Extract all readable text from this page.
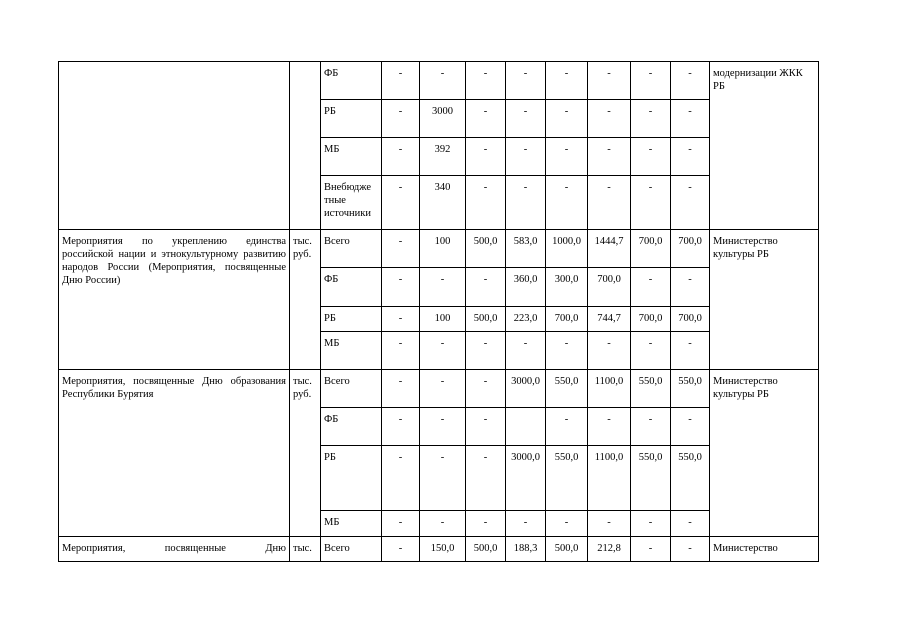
		ФБ	-	-	-	-	-	-	-	-	модернизации ЖКК РБ
		РБ	-	3000	-	-	-	-	-	-	
		МБ	-	392	-	-	-	-	-	-	
		Внебюдже тные источники	-	340	-	-	-	-	-	-	
Мероприятия по укреплению единства российской нации и этнокультурному развитию народов России (Мероприятия, посвященные Дню России)	тыс. руб.	Всего	-	100	500,0	583,0	1000,0	1444,7	700,0	700,0	Министерство культуры РБ
		ФБ	-	-	-	360,0	300,0	700,0	-	-	
		РБ	-	100	500,0	223,0	700,0	744,7	700,0	700,0	
		МБ	-	-	-	-	-	-	-	-	
Мероприятия, посвященные Дню образования Республики Бурятия	тыс. руб.	Всего	-	-	-	3000,0	550,0	1100,0	550,0	550,0	Министерство культуры РБ
		ФБ	-	-	-		-	-	-	-	
		РБ	-	-	-	3000,0	550,0	1100,0	550,0	550,0	
		МБ	-	-	-	-	-	-	-	-	
Мероприятия, посвященные Дню	тыс.	Всего	-	150,0	500,0	188,3	500,0	212,8	-	-	Министерство
